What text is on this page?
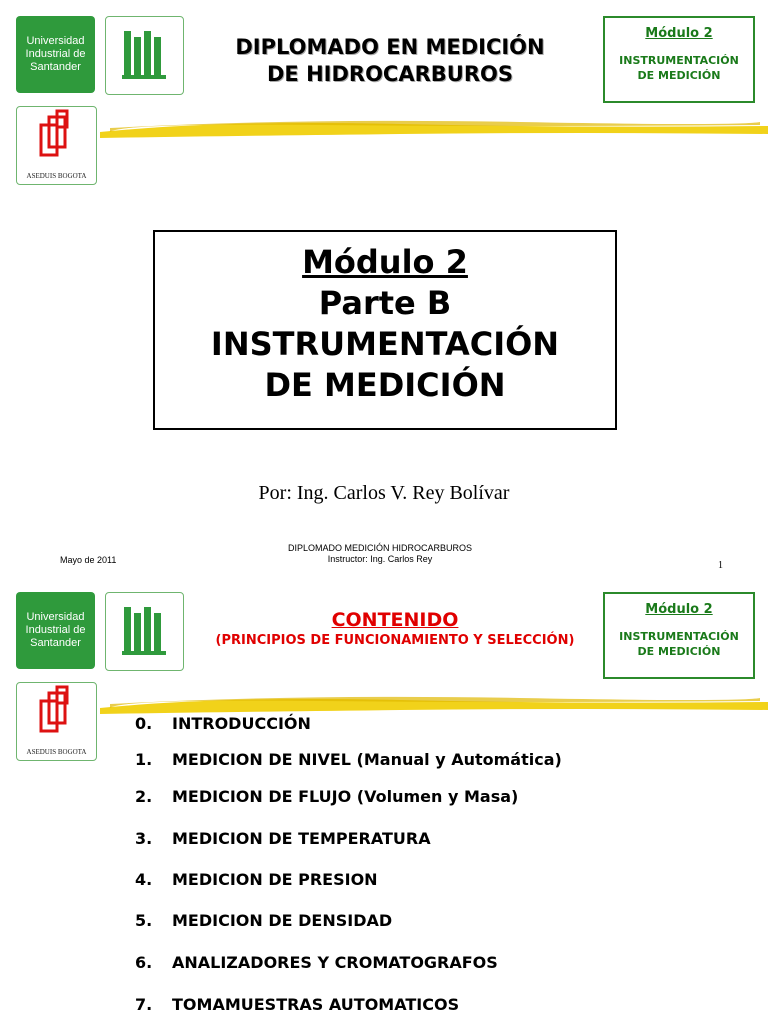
Universidad Industrial de Santander
ASEDUIS BOGOTA
DIPLOMADO EN MEDICIÓN
DE HIDROCARBUROS
Módulo 2
INSTRUMENTACIÓN
DE MEDICIÓN
Módulo 2
Parte B
INSTRUMENTACIÓN
DE MEDICIÓN
Por: Ing. Carlos V. Rey Bolívar
Mayo de 2011
DIPLOMADO MEDICIÓN HIDROCARBUROS
Instructor: Ing. Carlos Rey
1
Universidad Industrial de Santander
ASEDUIS BOGOTA
CONTENIDO
(PRINCIPIOS DE FUNCIONAMIENTO Y SELECCIÓN)
Módulo 2
INSTRUMENTACIÓN
DE MEDICIÓN
0. INTRODUCCIÓN
1. MEDICION DE NIVEL (Manual y Automática)
2. MEDICION DE FLUJO (Volumen y Masa)
3. MEDICION DE TEMPERATURA
4. MEDICION DE PRESION
5. MEDICION DE DENSIDAD
6. ANALIZADORES Y CROMATOGRAFOS
7. TOMAMUESTRAS AUTOMATICOS
